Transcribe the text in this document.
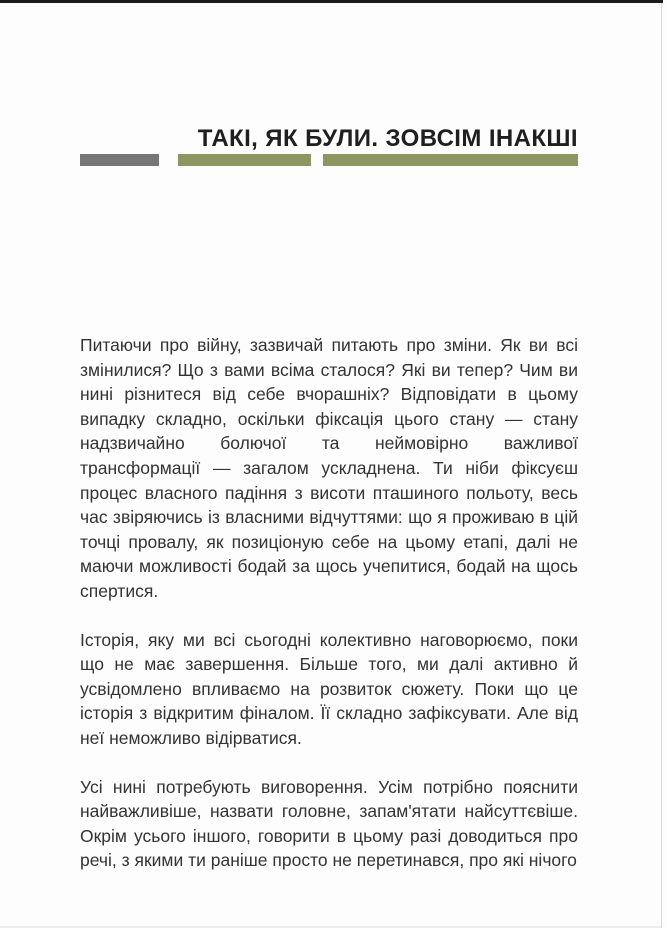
ТАКІ, ЯК БУЛИ. ЗОВСІМ ІНАКШІ

Питаючи про війну, зазвичай питають про зміни. Як ви всі змінилися? Що з вами всіма сталося? Які ви тепер? Чим ви нині різнитеся від себе вчорашніх? Відповідати в цьому випадку складно, оскільки фіксація цього стану — стану надзвичайно болючої та неймовірно важливої трансформації — загалом ускладнена. Ти ніби фіксуєш процес власного падіння з висоти пташиного польоту, весь час звіряючись із власними відчуттями: що я проживаю в цій точці провалу, як позиціоную себе на цьому етапі, далі не маючи можливості бодай за щось учепитися, бодай на щось спертися.

Історія, яку ми всі сьогодні колективно наговорюємо, поки що не має завершення. Більше того, ми далі активно й усвідомлено впливаємо на розвиток сюжету. Поки що це історія з відкритим фіналом. Її складно зафіксувати. Але від неї неможливо відірватися.

Усі нині потребують виговорення. Усім потрібно пояснити найважливіше, назвати головне, запам'ятати найсуттєвіше. Окрім усього іншого, говорити в цьому разі доводиться про речі, з якими ти раніше просто не перетинався, про які нічого
